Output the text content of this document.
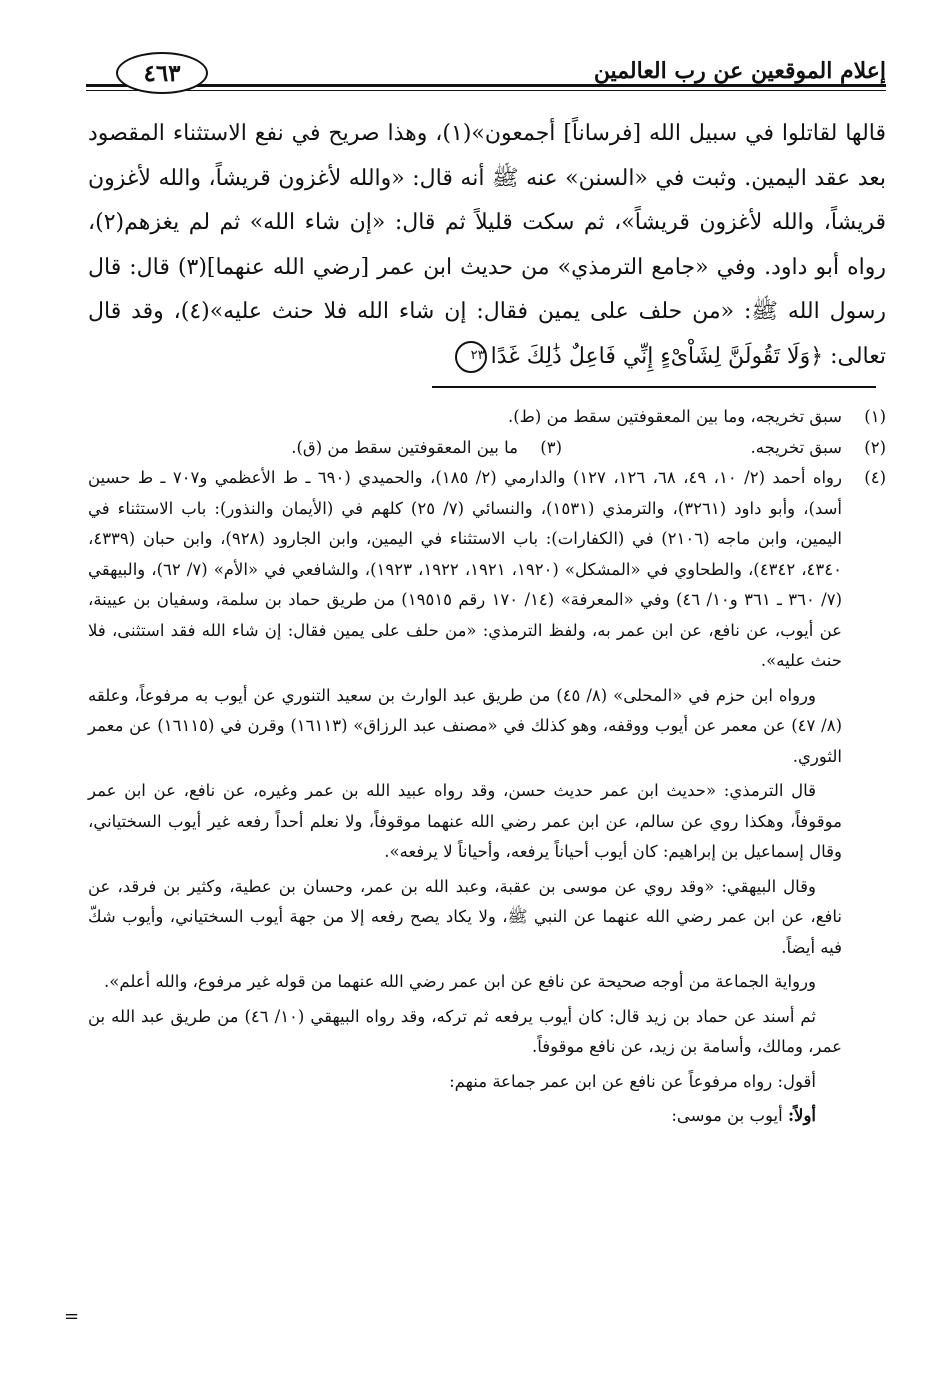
إعلام الموقعين عن رب العالمين
٤٦٣

قالها لقاتلوا في سبيل الله [فرساناً] أجمعون»(١)، وهذا صريح في نفع الاستثناء المقصود بعد عقد اليمين. وثبت في «السنن» عنه ﷺ أنه قال: «والله لأغزون قريشاً، والله لأغزون قريشاً، والله لأغزون قريشاً»، ثم سكت قليلاً ثم قال: «إن شاء الله» ثم لم يغزهم(٢)، رواه أبو داود. وفي «جامع الترمذي» من حديث ابن عمر [رضي الله عنهما](٣) قال: قال رسول الله ﷺ: «من حلف على يمين فقال: إن شاء الله فلا حنث عليه»(٤)، وقد قال تعالى: ﴿وَلَا تَقُولَنَّ لِشَاْىْءٍ إِنِّي فَاعِلٌ ذَٰلِكَ غَدًا٢٣

(١)
سبق تخريجه، وما بين المعقوفتين سقط من (ط).
(٢)
سبق تخريجه.
(٣)
ما بين المعقوفتين سقط من (ق).
(٤)
رواه أحمد (٢/ ١٠، ٤٩، ٦٨، ١٢٦، ١٢٧) والدارمي (٢/ ١٨٥)، والحميدي (٦٩٠ ـ ط الأعظمي و٧٠٧ ـ ط حسين أسد)، وأبو داود (٣٢٦١)، والترمذي (١٥٣١)، والنسائي (٧/ ٢٥) كلهم في (الأيمان والنذور): باب الاستثناء في اليمين، وابن ماجه (٢١٠٦) في (الكفارات): باب الاستثناء في اليمين، وابن الجارود (٩٢٨)، وابن حبان (٤٣٣٩، ٤٣٤٠، ٤٣٤٢)، والطحاوي في «المشكل» (١٩٢٠، ١٩٢١، ١٩٢٢، ١٩٢٣)، والشافعي في «الأم» (٧/ ٦٢)، والبيهقي (٧/ ٣٦٠ ـ ٣٦١ و١٠/ ٤٦) وفي «المعرفة» (١٤/ ١٧٠ رقم ١٩٥١٥) من طريق حماد بن سلمة، وسفيان بن عيينة، عن أيوب، عن نافع، عن ابن عمر به، ولفظ الترمذي: «من حلف على يمين فقال: إن شاء الله فقد استثنى، فلا حنث عليه».

ورواه ابن حزم في «المحلى» (٨/ ٤٥) من طريق عبد الوارث بن سعيد التنوري عن أيوب به مرفوعاً، وعلقه (٨/ ٤٧) عن معمر عن أيوب ووقفه، وهو كذلك في «مصنف عبد الرزاق» (١٦١١٣) وقرن في (١٦١١٥) عن معمر الثوري.

قال الترمذي: «حديث ابن عمر حديث حسن، وقد رواه عبيد الله بن عمر وغيره، عن نافع، عن ابن عمر موقوفاً، وهكذا روي عن سالم، عن ابن عمر رضي الله عنهما موقوفاً، ولا نعلم أحداً رفعه غير أيوب السختياني، وقال إسماعيل بن إبراهيم: كان أيوب أحياناً يرفعه، وأحياناً لا يرفعه».

وقال البيهقي: «وقد روي عن موسى بن عقبة، وعبد الله بن عمر، وحسان بن عطية، وكثير بن فرقد، عن نافع، عن ابن عمر رضي الله عنهما عن النبي ﷺ، ولا يكاد يصح رفعه إلا من جهة أيوب السختياني، وأيوب شكّ فيه أيضاً.

ورواية الجماعة من أوجه صحيحة عن نافع عن ابن عمر رضي الله عنهما من قوله غير مرفوع، والله أعلم».

ثم أسند عن حماد بن زيد قال: كان أيوب يرفعه ثم تركه، وقد رواه البيهقي (١٠/ ٤٦) من طريق عبد الله بن عمر، ومالك، وأسامة بن زيد، عن نافع موقوفاً.

أقول: رواه مرفوعاً عن نافع عن ابن عمر جماعة منهم:

أولاً: أيوب بن موسى:

=
